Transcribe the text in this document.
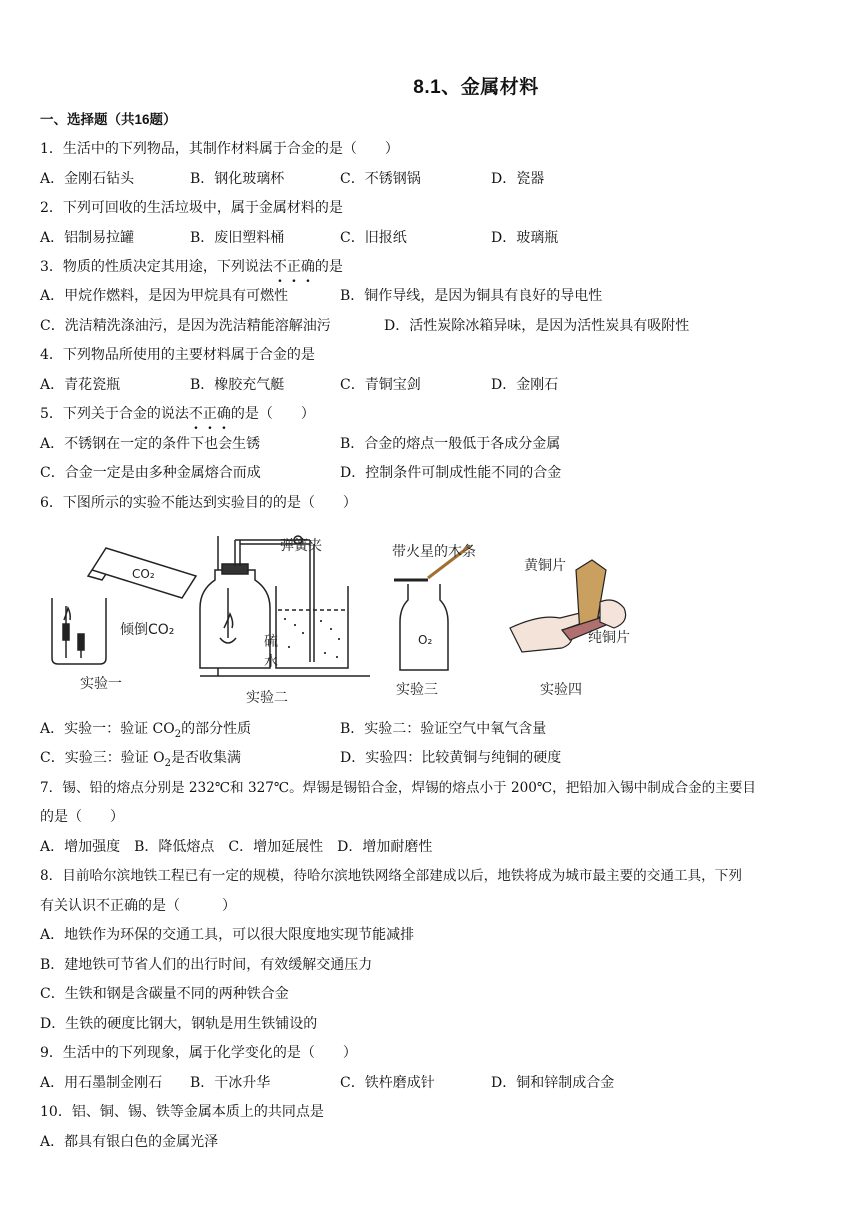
8.1、金属材料
一、选择题（共16题）
1．生活中的下列物品，其制作材料属于合金的是（　　）
A．金刚石钻头	B．钢化玻璃杯	C．不锈钢锅	D．瓷器
2．下列可回收的生活垃圾中，属于金属材料的是
A．铝制易拉罐	B．废旧塑料桶	C．旧报纸	D．玻璃瓶
3．物质的性质决定其用途，下列说法不正确的是
A．甲烷作燃料，是因为甲烷具有可燃性	B．铜作导线，是因为铜具有良好的导电性
C．洗洁精洗涤油污，是因为洗洁精能溶解油污	D．活性炭除冰箱异味，是因为活性炭具有吸附性
4．下列物品所使用的主要材料属于合金的是
A．青花瓷瓶	B．橡胶充气艇	C．青铜宝剑	D．金刚石
5．下列关于合金的说法不正确的是（　　）
A．不锈钢在一定的条件下也会生锈	B．合金的熔点一般低于各成分金属
C．合金一定是由多种金属熔合而成	D．控制条件可制成性能不同的合金
6．下图所示的实验不能达到实验目的的是（　　）
CO₂
倾倒CO₂
实验一
弹簧夹
硫
水
实验二
O₂
带火星的木条
实验三
黄铜片
纯铜片
实验四
A．实验一：验证 $CO_2$的部分性质	B．实验二：验证空气中氧气含量
C．实验三：验证 $O_2$是否收集满	D．实验四：比较黄铜与纯铜的硬度
7．锡、铅的熔点分别是 232℃和 327℃。焊锡是锡铅合金，焊锡的熔点小于 200℃，把铅加入锡中制成合金的主要目
的是（　　）
A．增加强度　B．降低熔点　C．增加延展性　D．增加耐磨性
8．目前哈尔滨地铁工程已有一定的规模，待哈尔滨地铁网络全部建成以后，地铁将成为城市最主要的交通工具，下列
有关认识不正确的是（　　　）
A．地铁作为环保的交通工具，可以很大限度地实现节能减排
B．建地铁可节省人们的出行时间，有效缓解交通压力
C．生铁和钢是含碳量不同的两种铁合金
D．生铁的硬度比钢大，钢轨是用生铁铺设的
9．生活中的下列现象，属于化学变化的是（　　）
A．用石墨制金刚石 B．干冰升华	C．铁杵磨成针	D．铜和锌制成合金
10．铝、铜、锡、铁等金属本质上的共同点是
A．都具有银白色的金属光泽
